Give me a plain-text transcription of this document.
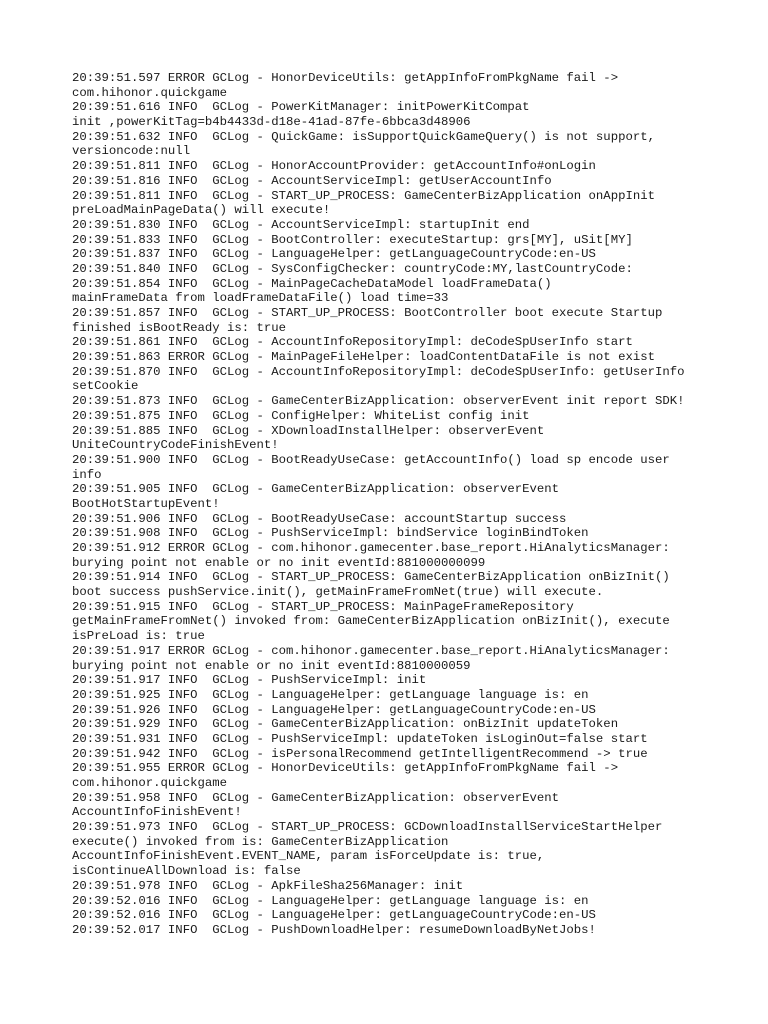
20:39:51.597 ERROR GCLog - HonorDeviceUtils: getAppInfoFromPkgName fail ->
com.hihonor.quickgame
20:39:51.616 INFO  GCLog - PowerKitManager: initPowerKitCompat
init ,powerKitTag=b4b4433d-d18e-41ad-87fe-6bbca3d48906
20:39:51.632 INFO  GCLog - QuickGame: isSupportQuickGameQuery() is not support,
versioncode:null
20:39:51.811 INFO  GCLog - HonorAccountProvider: getAccountInfo#onLogin
20:39:51.816 INFO  GCLog - AccountServiceImpl: getUserAccountInfo
20:39:51.811 INFO  GCLog - START_UP_PROCESS: GameCenterBizApplication onAppInit
preLoadMainPageData() will execute!
20:39:51.830 INFO  GCLog - AccountServiceImpl: startupInit end
20:39:51.833 INFO  GCLog - BootController: executeStartup: grs[MY], uSit[MY]
20:39:51.837 INFO  GCLog - LanguageHelper: getLanguageCountryCode:en-US
20:39:51.840 INFO  GCLog - SysConfigChecker: countryCode:MY,lastCountryCode:
20:39:51.854 INFO  GCLog - MainPageCacheDataModel loadFrameData()
mainFrameData from loadFrameDataFile() load time=33
20:39:51.857 INFO  GCLog - START_UP_PROCESS: BootController boot execute Startup
finished isBootReady is: true
20:39:51.861 INFO  GCLog - AccountInfoRepositoryImpl: deCodeSpUserInfo start
20:39:51.863 ERROR GCLog - MainPageFileHelper: loadContentDataFile is not exist
20:39:51.870 INFO  GCLog - AccountInfoRepositoryImpl: deCodeSpUserInfo: getUserInfo
setCookie
20:39:51.873 INFO  GCLog - GameCenterBizApplication: observerEvent init report SDK!
20:39:51.875 INFO  GCLog - ConfigHelper: WhiteList config init
20:39:51.885 INFO  GCLog - XDownloadInstallHelper: observerEvent
UniteCountryCodeFinishEvent!
20:39:51.900 INFO  GCLog - BootReadyUseCase: getAccountInfo() load sp encode user
info
20:39:51.905 INFO  GCLog - GameCenterBizApplication: observerEvent
BootHotStartupEvent!
20:39:51.906 INFO  GCLog - BootReadyUseCase: accountStartup success
20:39:51.908 INFO  GCLog - PushServiceImpl: bindService loginBindToken
20:39:51.912 ERROR GCLog - com.hihonor.gamecenter.base_report.HiAnalyticsManager:
burying point not enable or no init eventId:881000000099
20:39:51.914 INFO  GCLog - START_UP_PROCESS: GameCenterBizApplication onBizInit()
boot success pushService.init(), getMainFrameFromNet(true) will execute.
20:39:51.915 INFO  GCLog - START_UP_PROCESS: MainPageFrameRepository
getMainFrameFromNet() invoked from: GameCenterBizApplication onBizInit(), execute
isPreLoad is: true
20:39:51.917 ERROR GCLog - com.hihonor.gamecenter.base_report.HiAnalyticsManager:
burying point not enable or no init eventId:8810000059
20:39:51.917 INFO  GCLog - PushServiceImpl: init
20:39:51.925 INFO  GCLog - LanguageHelper: getLanguage language is: en
20:39:51.926 INFO  GCLog - LanguageHelper: getLanguageCountryCode:en-US
20:39:51.929 INFO  GCLog - GameCenterBizApplication: onBizInit updateToken
20:39:51.931 INFO  GCLog - PushServiceImpl: updateToken isLoginOut=false start
20:39:51.942 INFO  GCLog - isPersonalRecommend getIntelligentRecommend -> true
20:39:51.955 ERROR GCLog - HonorDeviceUtils: getAppInfoFromPkgName fail ->
com.hihonor.quickgame
20:39:51.958 INFO  GCLog - GameCenterBizApplication: observerEvent
AccountInfoFinishEvent!
20:39:51.973 INFO  GCLog - START_UP_PROCESS: GCDownloadInstallServiceStartHelper
execute() invoked from is: GameCenterBizApplication
AccountInfoFinishEvent.EVENT_NAME, param isForceUpdate is: true,
isContinueAllDownload is: false
20:39:51.978 INFO  GCLog - ApkFileSha256Manager: init
20:39:52.016 INFO  GCLog - LanguageHelper: getLanguage language is: en
20:39:52.016 INFO  GCLog - LanguageHelper: getLanguageCountryCode:en-US
20:39:52.017 INFO  GCLog - PushDownloadHelper: resumeDownloadByNetJobs!
